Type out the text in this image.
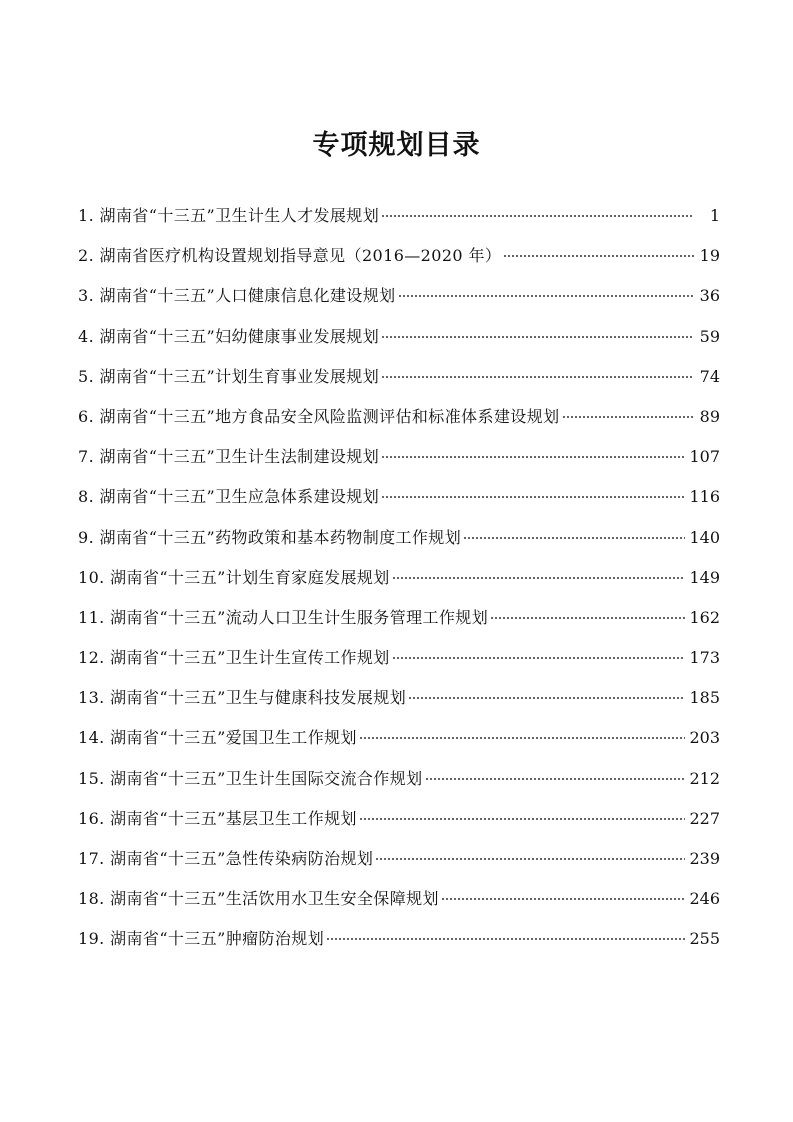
专项规划目录
1. 湖南省“十三五”卫生计生人才发展规划	1
2. 湖南省医疗机构设置规划指导意见（2016—2020 年）	19
3. 湖南省“十三五”人口健康信息化建设规划	36
4. 湖南省“十三五”妇幼健康事业发展规划	59
5. 湖南省“十三五”计划生育事业发展规划	74
6. 湖南省“十三五”地方食品安全风险监测评估和标准体系建设规划	89
7. 湖南省“十三五”卫生计生法制建设规划	107
8. 湖南省“十三五”卫生应急体系建设规划	116
9. 湖南省“十三五”药物政策和基本药物制度工作规划	140
10. 湖南省“十三五”计划生育家庭发展规划	149
11. 湖南省“十三五”流动人口卫生计生服务管理工作规划	162
12. 湖南省“十三五”卫生计生宣传工作规划	173
13. 湖南省“十三五”卫生与健康科技发展规划	185
14. 湖南省“十三五”爱国卫生工作规划	203
15. 湖南省“十三五”卫生计生国际交流合作规划	212
16. 湖南省“十三五”基层卫生工作规划	227
17. 湖南省“十三五”急性传染病防治规划	239
18. 湖南省“十三五”生活饮用水卫生安全保障规划	246
19. 湖南省“十三五”肿瘤防治规划	255
